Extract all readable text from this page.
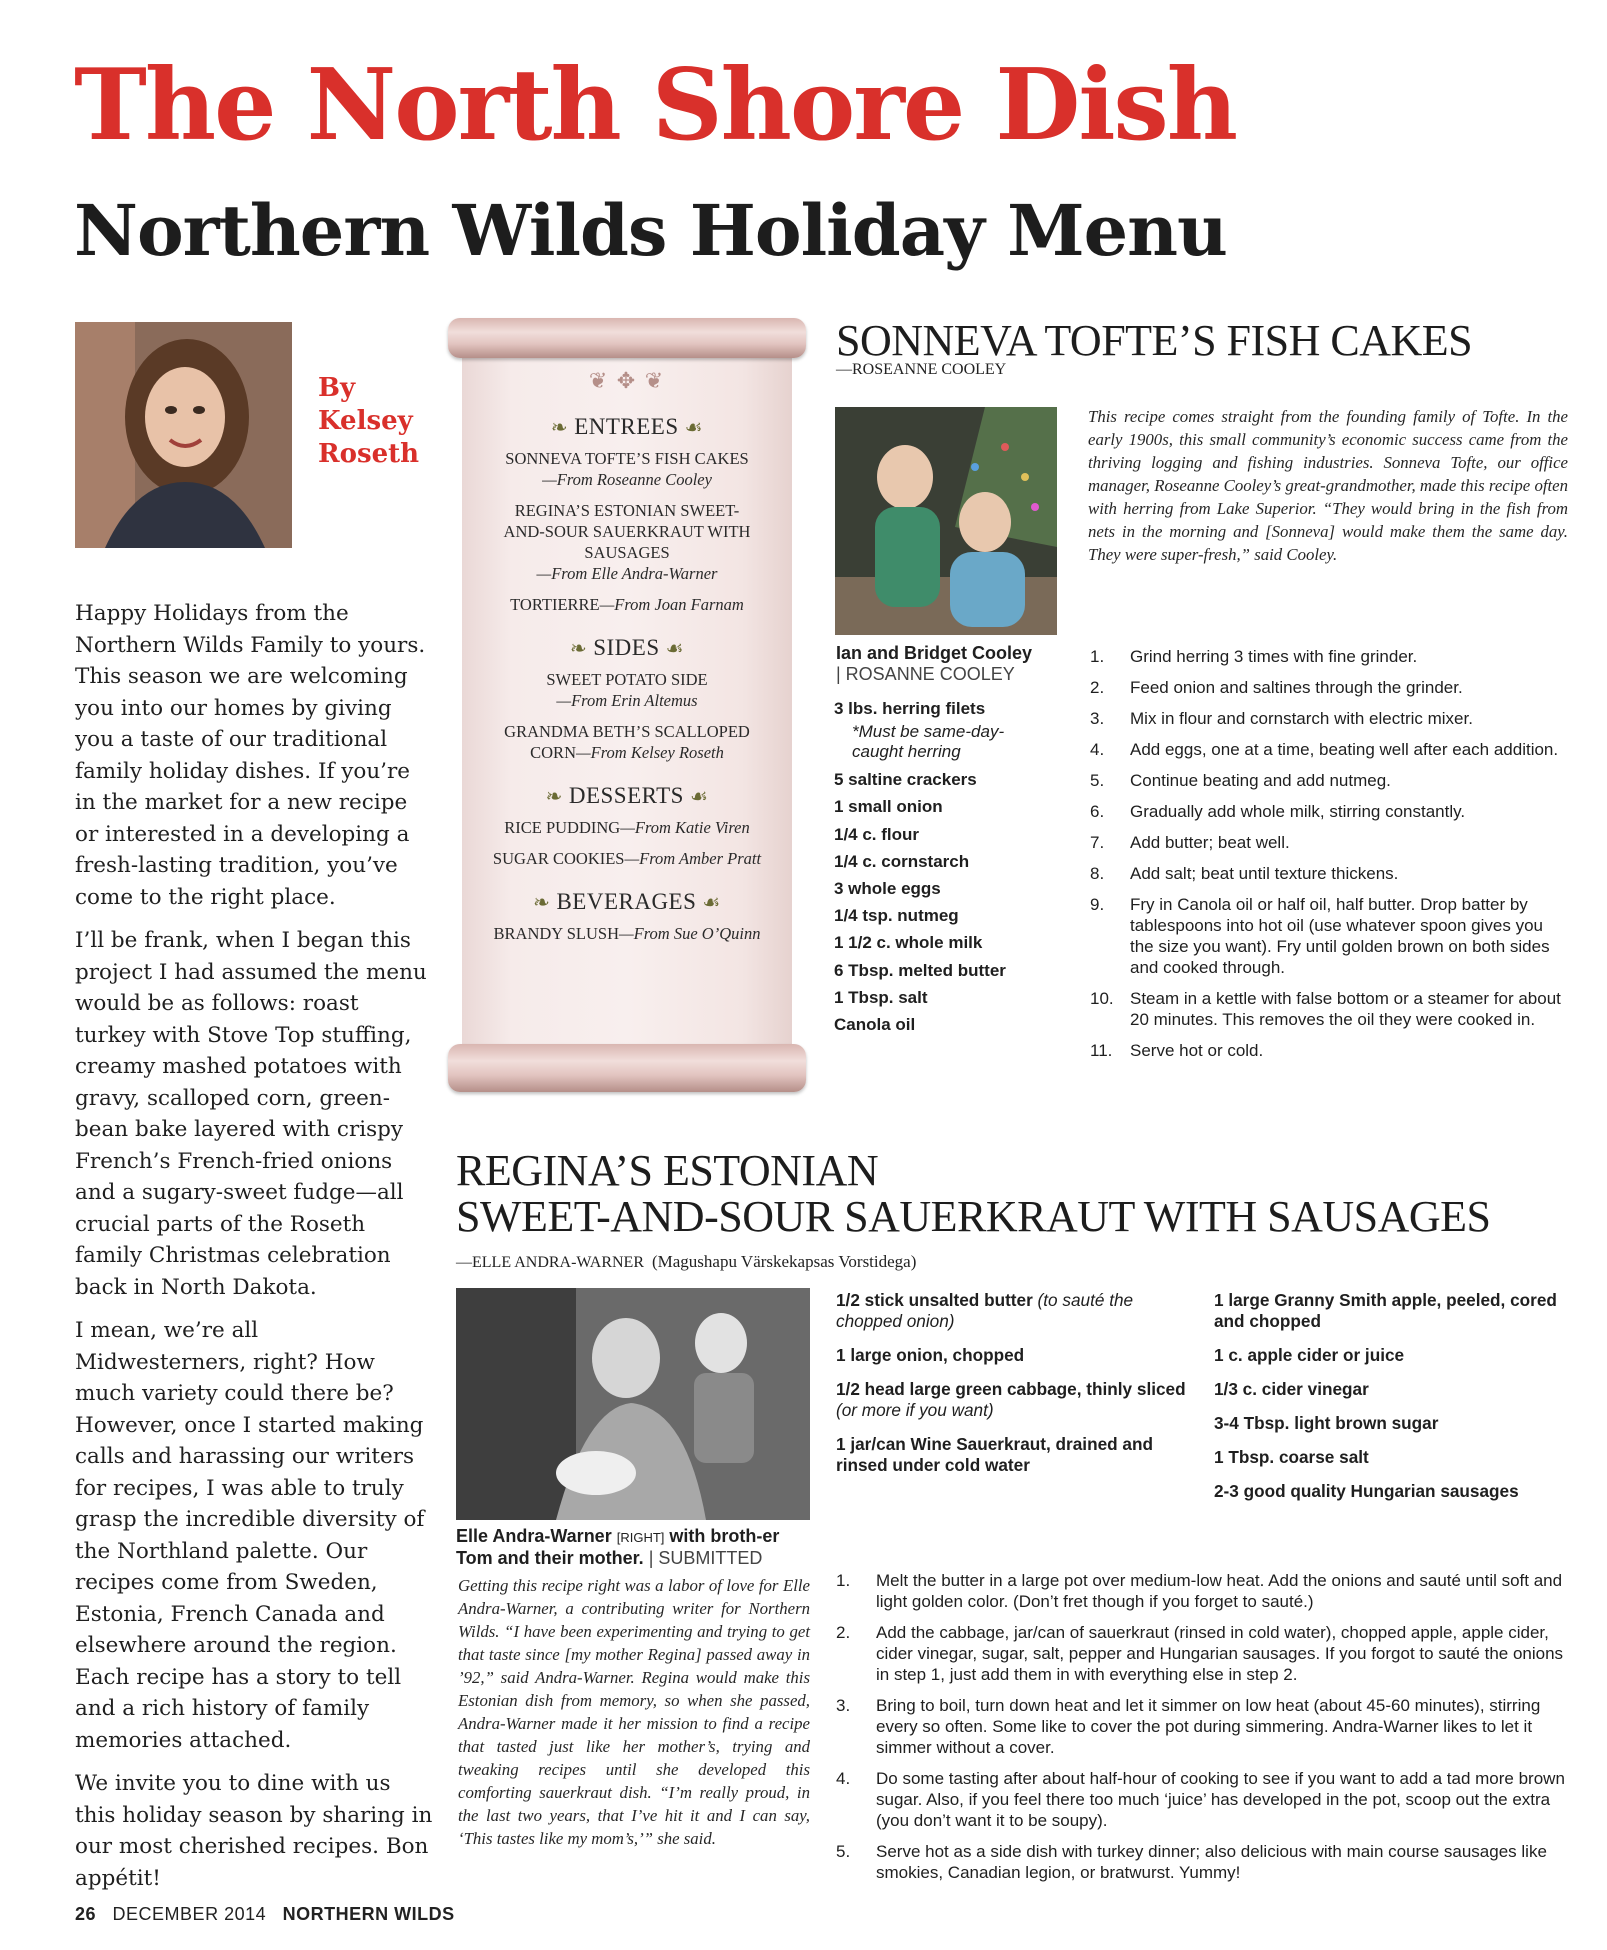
The North Shore Dish
Northern Wilds Holiday Menu
By
Kelsey
Roseth

Happy Holidays from the Northern Wilds Family to yours. This season we are welcoming you into our homes by giving you a taste of our traditional family holiday dishes. If you’re in the market for a new recipe or interested in a developing a fresh-lasting tradition, you’ve come to the right place.

I’ll be frank, when I began this project I had assumed the menu would be as follows: roast turkey with Stove Top stuffing, creamy mashed potatoes with gravy, scalloped corn, green-bean bake layered with crispy French’s French-fried onions and a sugary-sweet fudge—all crucial parts of the Roseth family Christmas celebration back in North Dakota.

I mean, we’re all Midwesterners, right? How much variety could there be? However, once I started making calls and harassing our writers for recipes, I was able to truly grasp the incredible diversity of the Northland palette. Our recipes come from Sweden, Estonia, French Canada and elsewhere around the region. Each recipe has a story to tell and a rich history of family memories attached.

We invite you to dine with us this holiday season by sharing in our most cherished recipes. Bon appétit!

26 DECEMBER 2014 NORTHERN WILDS
❦ ✥ ❦
❧ ENTREES ☙
SONNEVA TOFTE’S FISH CAKES
—From Roseanne Cooley
REGINA’S ESTONIAN SWEET-AND-SOUR SAUERKRAUT WITH SAUSAGES
—From Elle Andra-Warner
TORTIERRE—From Joan Farnam
❧ SIDES ☙
SWEET POTATO SIDE
—From Erin Altemus
GRANDMA BETH’S SCALLOPED CORN—From Kelsey Roseth
❧ DESSERTS ☙
RICE PUDDING—From Katie Viren
SUGAR COOKIES—From Amber Pratt
❧ BEVERAGES ☙
BRANDY SLUSH—From Sue O’Quinn
SONNEVA TOFTE’S FISH CAKES
—ROSEANNE COOLEY
This recipe comes straight from the founding family of Tofte. In the early 1900s, this small community’s economic success came from the thriving logging and fishing industries. Sonneva Tofte, our office manager, Roseanne Cooley’s great-grandmother, made this recipe often with herring from Lake Superior. “They would bring in the fish from nets in the morning and [Sonneva] would make them the same day. They were super-fresh,” said Cooley.
Ian and Bridget Cooley
| ROSANNE COOLEY
3 lbs. herring filets
*Must be same-day-caught herring
5 saltine crackers
1 small onion
1/4 c. flour
1/4 c. cornstarch
3 whole eggs
1/4 tsp. nutmeg
1 1/2 c. whole milk
6 Tbsp. melted butter
1 Tbsp. salt
Canola oil
1.	Grind herring 3 times with fine grinder.
2.	Feed onion and saltines through the grinder.
3.	Mix in flour and cornstarch with electric mixer.
4.	Add eggs, one at a time, beating well after each addition.
5.	Continue beating and add nutmeg.
6.	Gradually add whole milk, stirring constantly.
7.	Add butter; beat well.
8.	Add salt; beat until texture thickens.
9.	Fry in Canola oil or half oil, half butter. Drop batter by tablespoons into hot oil (use whatever spoon gives you the size you want). Fry until golden brown on both sides and cooked through.
10. Steam in a kettle with false bottom or a steamer for about 20 minutes. This removes the oil they were cooked in.
11.	Serve hot or cold.
REGINA’S ESTONIAN
SWEET-AND-SOUR SAUERKRAUT WITH SAUSAGES
—ELLE ANDRA-WARNER (Magushapu Värskekapsas Vorstidega)
Elle Andra-Warner [RIGHT] with broth-er Tom and their mother. | SUBMITTED
Getting this recipe right was a labor of love for Elle Andra-Warner, a contributing writer for Northern Wilds. “I have been experimenting and trying to get that taste since [my mother Regina] passed away in ’92,” said Andra-Warner. Regina would make this Estonian dish from memory, so when she passed, Andra-Warner made it her mission to find a recipe that tasted just like her mother’s, trying and tweaking recipes until she developed this comforting sauerkraut dish. “I’m really proud, in the last two years, that I’ve hit it and I can say, ‘This tastes like my mom’s,’” she said.
1/2 stick unsalted butter (to sauté the chopped onion)
1 large onion, chopped
1/2 head large green cabbage, thinly sliced (or more if you want)
1 jar/can Wine Sauerkraut, drained and rinsed under cold water
1 large Granny Smith apple, peeled, cored and chopped
1 c. apple cider or juice
1/3 c. cider vinegar
3-4 Tbsp. light brown sugar
1 Tbsp. coarse salt
2-3 good quality Hungarian sausages
1.	Melt the butter in a large pot over medium-low heat. Add the onions and sauté until soft and light golden color. (Don’t fret though if you forget to sauté.)
2.	Add the cabbage, jar/can of sauerkraut (rinsed in cold water), chopped apple, apple cider, cider vinegar, sugar, salt, pepper and Hungarian sausages. If you forgot to sauté the onions in step 1, just add them in with everything else in step 2.
3.	Bring to boil, turn down heat and let it simmer on low heat (about 45-60 minutes), stirring every so often. Some like to cover the pot during simmering. Andra-Warner likes to let it simmer without a cover.
4.	Do some tasting after about half-hour of cooking to see if you want to add a tad more brown sugar. Also, if you feel there too much ‘juice’ has developed in the pot, scoop out the extra (you don’t want it to be soupy).
5.	Serve hot as a side dish with turkey dinner; also delicious with main course sausages like smokies, Canadian legion, or bratwurst. Yummy!
